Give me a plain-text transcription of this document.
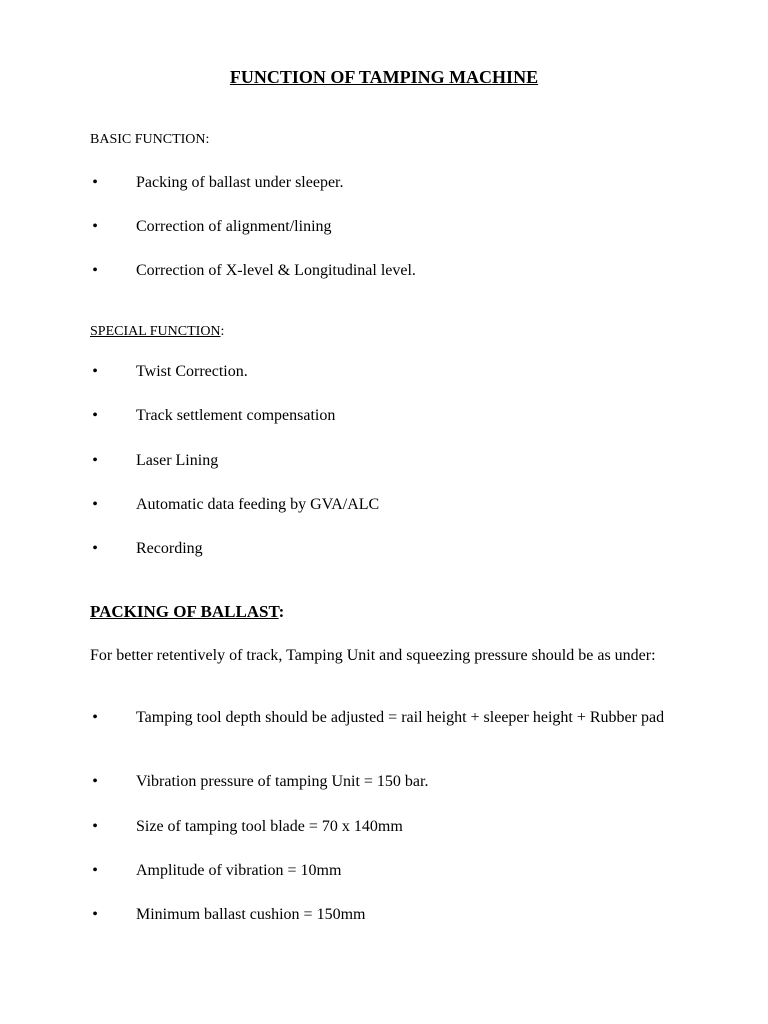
FUNCTION OF TAMPING MACHINE
BASIC FUNCTION:
• Packing of ballast under sleeper.
• Correction of alignment/lining
• Correction of X-level & Longitudinal level.
SPECIAL FUNCTION:
• Twist Correction.
• Track settlement compensation
• Laser Lining
• Automatic data feeding by GVA/ALC
• Recording
PACKING OF BALLAST:
For better retentively of track, Tamping Unit and squeezing pressure should be as under:
• Tamping tool depth should be adjusted = rail height + sleeper height + Rubber pad
• Vibration pressure of tamping Unit = 150 bar.
• Size of tamping tool blade = 70 x 140mm
• Amplitude of vibration = 10mm
• Minimum ballast cushion = 150mm
